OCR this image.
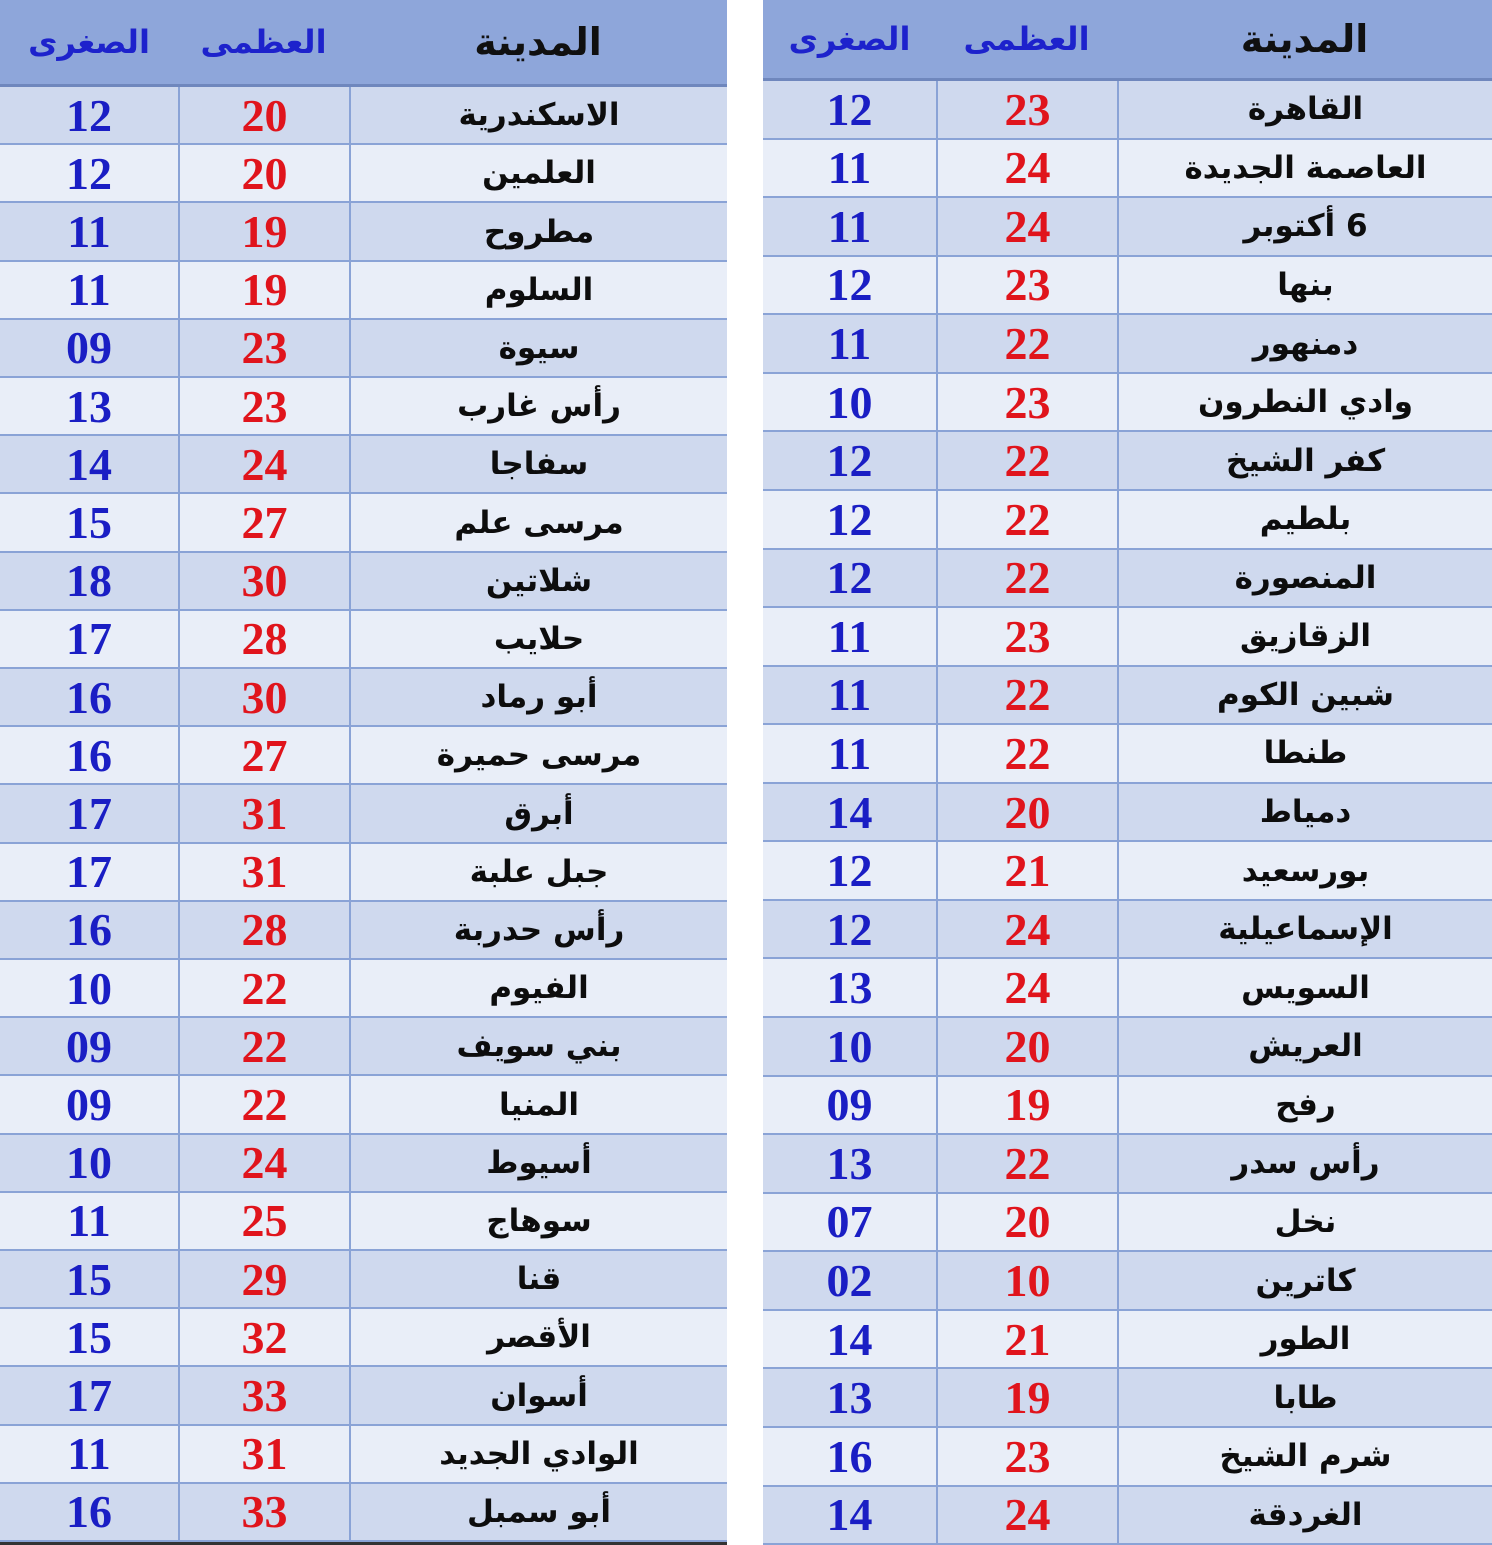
المدينة
العظمى
الصغرى
الاسكندرية
20
12
العلمين
20
12
مطروح
19
11
السلوم
19
11
سيوة
23
09
رأس غارب
23
13
سفاجا
24
14
مرسى علم
27
15
شلاتين
30
18
حلايب
28
17
أبو رماد
30
16
مرسى حميرة
27
16
أبرق
31
17
جبل علبة
31
17
رأس حدربة
28
16
الفيوم
22
10
بني سويف
22
09
المنيا
22
09
أسيوط
24
10
سوهاج
25
11
قنا
29
15
الأقصر
32
15
أسوان
33
17
الوادي الجديد
31
11
أبو سمبل
33
16
المدينة
العظمى
الصغرى
القاهرة
23
12
العاصمة الجديدة
24
11
6 أكتوبر
24
11
بنها
23
12
دمنهور
22
11
وادي النطرون
23
10
كفر الشيخ
22
12
بلطيم
22
12
المنصورة
22
12
الزقازيق
23
11
شبين الكوم
22
11
طنطا
22
11
دمياط
20
14
بورسعيد
21
12
الإسماعيلية
24
12
السويس
24
13
العريش
20
10
رفح
19
09
رأس سدر
22
13
نخل
20
07
كاترين
10
02
الطور
21
14
طابا
19
13
شرم الشيخ
23
16
الغردقة
24
14
